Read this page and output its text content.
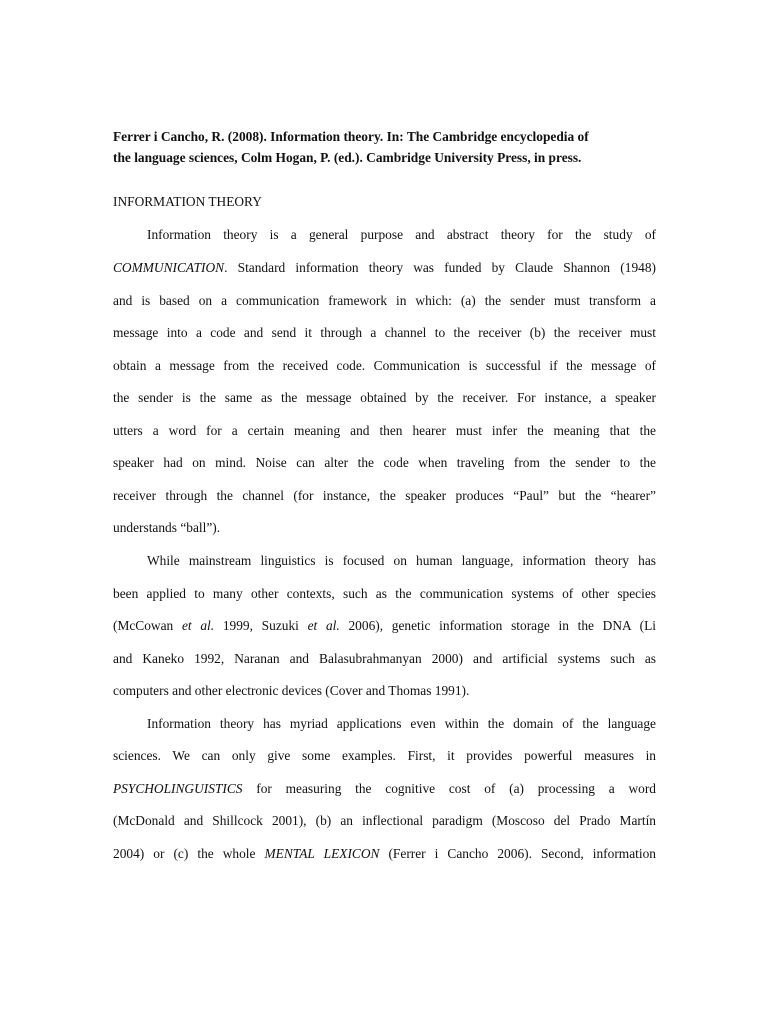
Ferrer i Cancho, R. (2008). Information theory. In: The Cambridge encyclopedia of
the language sciences, Colm Hogan, P. (ed.). Cambridge University Press, in press.
INFORMATION THEORY
Information theory is a general purpose and abstract theory for the study of
COMMUNICATION. Standard information theory was funded by Claude Shannon (1948)
and is based on a communication framework in which: (a) the sender must transform a
message into a code and send it through a channel to the receiver (b) the receiver must
obtain a message from the received code. Communication is successful if the message of
the sender is the same as the message obtained by the receiver. For instance, a speaker
utters a word for a certain meaning and then hearer must infer the meaning that the
speaker had on mind. Noise can alter the code when traveling from the sender to the
receiver through the channel (for instance, the speaker produces “Paul” but the “hearer”
understands “ball”).
While mainstream linguistics is focused on human language, information theory has
been applied to many other contexts, such as the communication systems of other species
(McCowan et al. 1999, Suzuki et al. 2006), genetic information storage in the DNA (Li
and Kaneko 1992, Naranan and Balasubrahmanyan 2000) and artificial systems such as
computers and other electronic devices (Cover and Thomas 1991).
Information theory has myriad applications even within the domain of the language
sciences. We can only give some examples. First, it provides powerful measures in
PSYCHOLINGUISTICS for measuring the cognitive cost of (a) processing a word
(McDonald and Shillcock 2001), (b) an inflectional paradigm (Moscoso del Prado Martín
2004) or (c) the whole MENTAL LEXICON (Ferrer i Cancho 2006). Second, information
